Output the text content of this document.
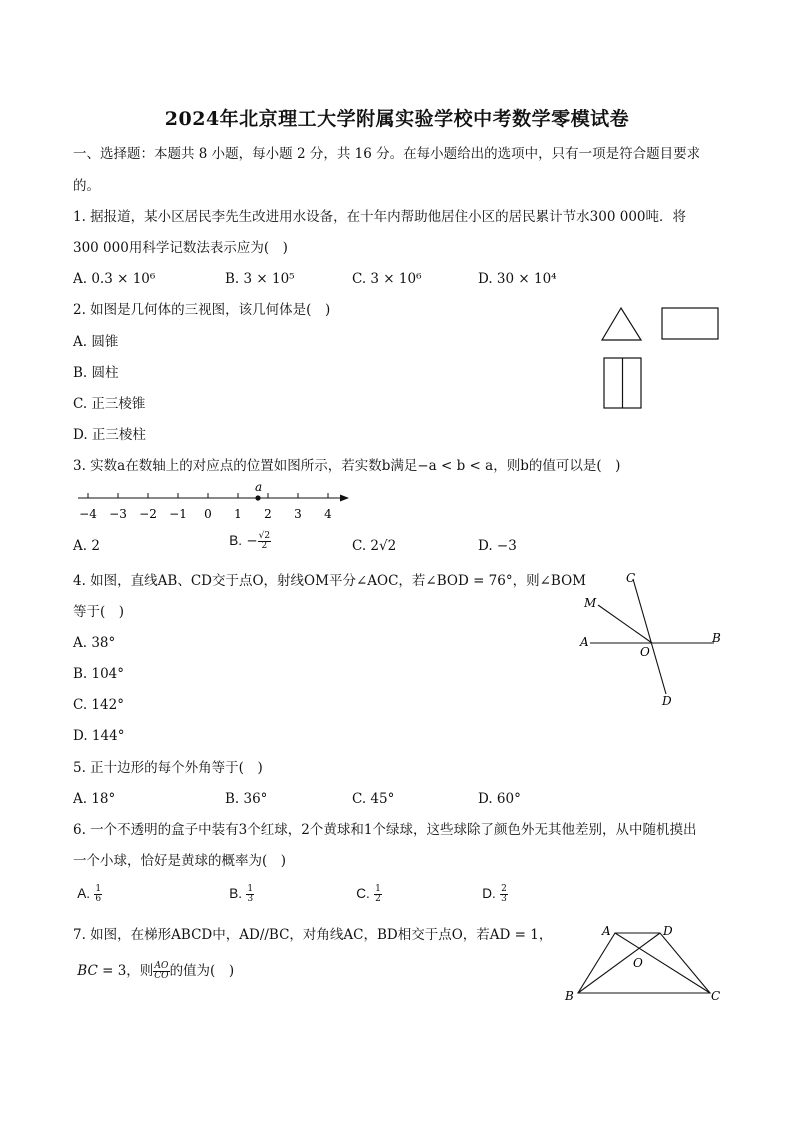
2024年北京理工大学附属实验学校中考数学零模试卷
一、选择题：本题共 8 小题，每小题 2 分，共 16 分。在每小题给出的选项中，只有一项是符合题目要求
的。
1. 据报道，某小区居民李先生改进用水设备，在十年内帮助他居住小区的居民累计节水300 000吨．将
300 000用科学记数法表示应为(　)
A. 0.3 × 10⁶	B. 3 × 10⁵	C. 3 × 10⁶	D. 30 × 10⁴
2. 如图是几何体的三视图，该几何体是(　)
A. 圆锥
B. 圆柱
C. 正三棱锥
D. 正三棱柱
3. 实数a在数轴上的对应点的位置如图所示，若实数b满足−a < b < a，则b的值可以是(　)
a
−4 −3 −2 −1 0 1 2 3 4
A. 2	B. − $\frac{√2}{2}$	C. 2√2	D. −3
4. 如图，直线AB、CD交于点O，射线OM平分∠AOC，若∠BOD = 76°，则∠BOM
等于(　)
A. 38°
B. 104°
C. 142°
D. 144°
C
M
A
O
B
D
5. 正十边形的每个外角等于(　)
A. 18°	B. 36°	C. 45°	D. 60°
6. 一个不透明的盒子中装有3个红球，2个黄球和1个绿球，这些球除了颜色外无其他差别，从中随机摸出
一个小球，恰好是黄球的概率为(　)
A. $\frac{1}{6}$	B. $\frac{1}{3}$	C. $\frac{1}{2}$	D. $\frac{2}{3}$
7. 如图，在梯形ABCD中，AD//BC，对角线AC，BD相交于点O，若AD = 1，
BC = 3，则 $\frac{AO}{CO}$ 的值为(　)
A	D
O
B	C
